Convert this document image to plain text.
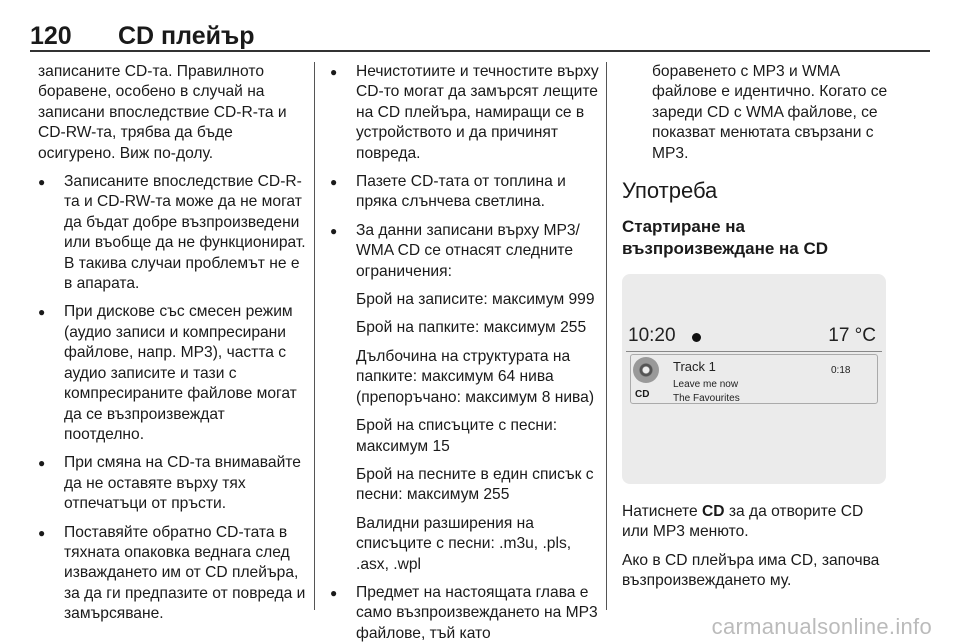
120 CD плейър

записаните CD-та. Правилното боравене, особено в случай на записани впоследствие CD-R-та и CD-RW-та, трябва да бъде осигурено. Виж по-долу.

● Записаните впоследствие CD-R-та и CD-RW-та може да не могат да бъдат добре възпроизведени или въобще да не функционират. В такива случаи проблемът не е в апарата.
● При дискове със смесен режим (аудио записи и компресирани файлове, напр. MP3), частта с аудио записите и тази с компресираните файлове могат да се възпроизвеждат поотделно.
● При смяна на CD-та внимавайте да не оставяте върху тях отпечатъци от пръсти.
● Поставяйте обратно CD-тата в тяхната опаковка веднага след изваждането им от CD плейъра, за да ги предпазите от повреда и замърсяване.
● Нечистотиите и течностите върху CD-то могат да замърсят лещите на CD плейъра, намиращи се в устройството и да причинят повреда.
● Пазете CD-тата от топлина и пряка слънчева светлина.
● За данни записани върху MP3/ WMA CD се отнасят следните ограничения:
Брой на записите: максимум 999
Брой на папките: максимум 255
Дълбочина на структурата на папките: максимум 64 нива (препоръчано: максимум 8 нива)
Брой на списъците с песни: максимум 15
Брой на песните в един списък с песни: максимум 255
Валидни разширения на списъците с песни: .m3u, .pls, .asx, .wpl
● Предмет на настоящата глава е само възпроизвеждането на MP3 файлове, тъй като

боравенето с MP3 и WMA файлове е идентично. Когато се зареди CD с WMA файлове, се показват менютата свързани с MP3.

Употреба
Стартиране на възпроизвеждане на CD
10:20	17 °C
CD
Track 1
Leave me now
The Favourites
0:18

Натиснете CD за да отворите CD или MP3 менюто.

Ако в CD плейъра има CD, започва възпроизвеждането му.

carmanualsonline.info
